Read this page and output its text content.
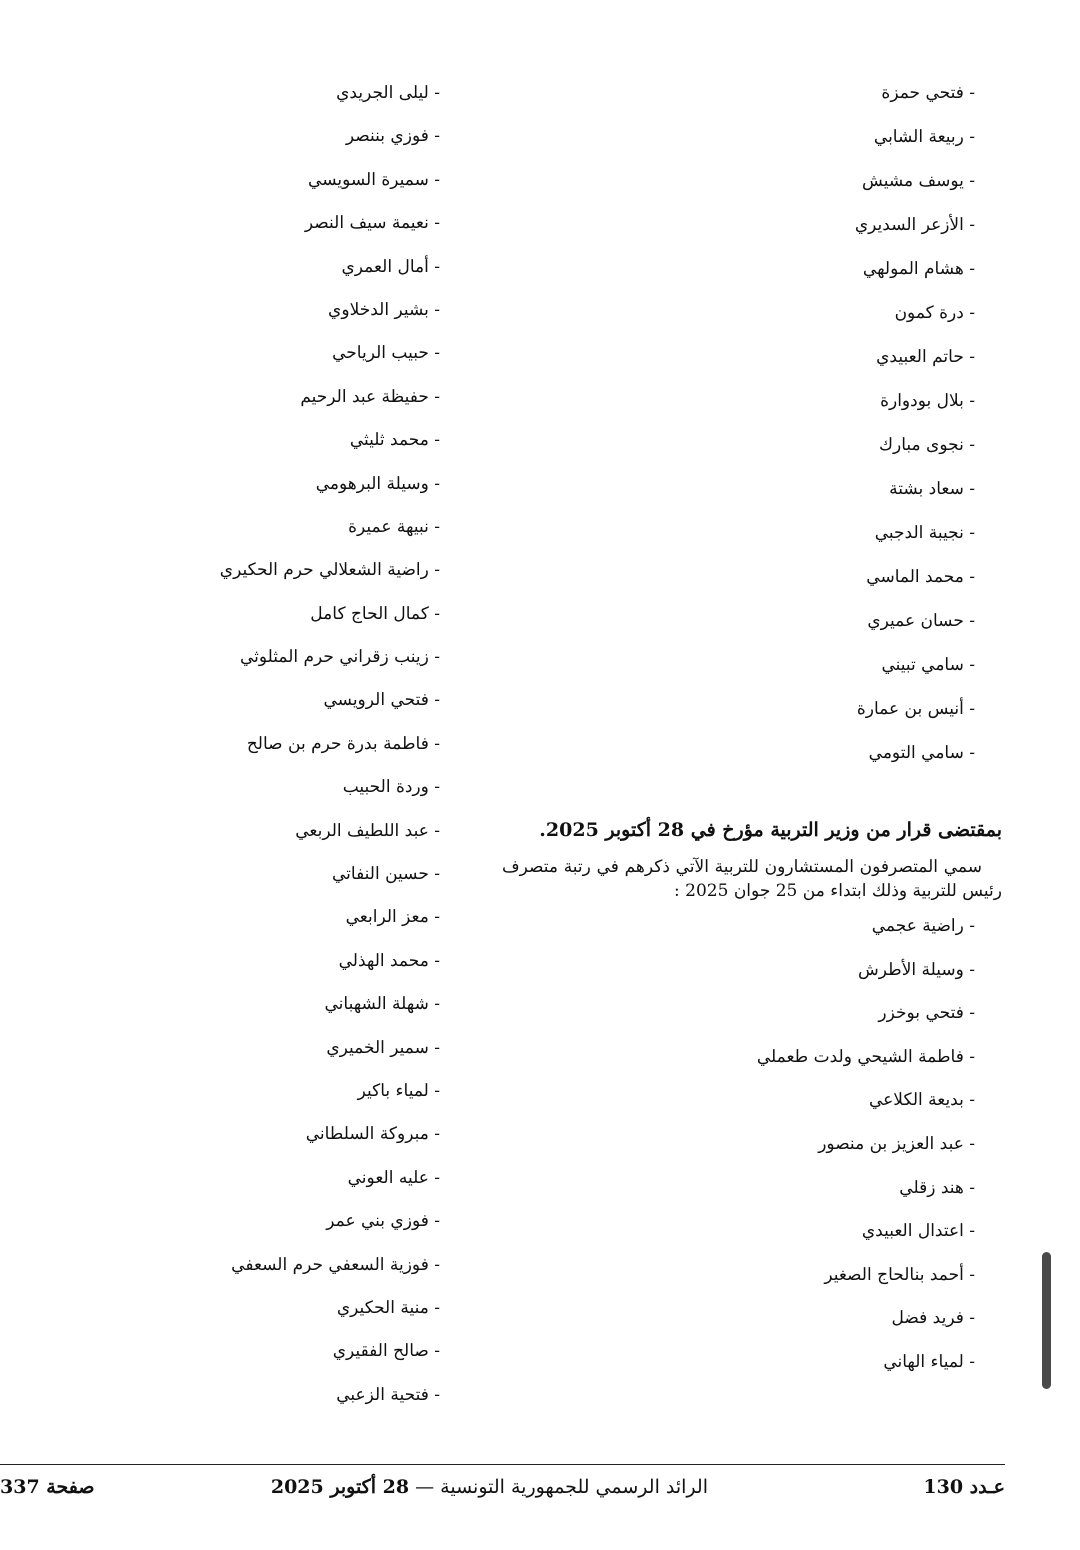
- فتحي حمزة
- ربيعة الشابي
- يوسف مشيش
- الأزعر السديري
- هشام المولهي
- درة كمون
- حاتم العبيدي
- بلال بودوارة
- نجوى مبارك
- سعاد بشتة
- نجيبة الدجبي
- محمد الماسي
- حسان عميري
- سامي تبيني
- أنيس بن عمارة
- سامي التومي
- ليلى الجريدي
- فوزي بننصر
- سميرة السويسي
- نعيمة سيف النصر
- أمال العمري
- بشير الدخلاوي
- حبيب الرياحي
- حفيظة عبد الرحيم
- محمد ثليثي
- وسيلة البرهومي
- نبيهة عميرة
- راضية الشعلالي حرم الحكيري
- كمال الحاج كامل
- زينب زقراني حرم المثلوثي
- فتحي الرويسي
- فاطمة بدرة حرم بن صالح
- وردة الحبيب
- عبد اللطيف الربعي
- حسين النفاتي
- معز الرابعي
- محمد الهذلي
- شهلة الشهباني
- سمير الخميري
- لمياء باكير
- مبروكة السلطاني
- عليه العوني
- فوزي بني عمر
- فوزية السعفي حرم السعفي
- منية الحكيري
- صالح الفقيري
- فتحية الزعبي
بمقتضى قرار من وزير التربية مؤرخ في 28 أكتوبر 2025.

سمي المتصرفون المستشارون للتربية الآتي ذكرهم في رتبة متصرف رئيس للتربية وذلك ابتداء من 25 جوان 2025 :

- راضية عجمي
- وسيلة الأطرش
- فتحي بوخزر
- فاطمة الشيحي ولدت طعملي
- بديعة الكلاعي
- عبد العزيز بن منصور
- هند زقلي
- اعتدال العبيدي
- أحمد بنالحاج الصغير
- فريد فضل
- لمياء الهاني
عـدد 130
الرائد الرسمي للجمهورية التونسية — 28 أكتوبر 2025
صفحة 337
